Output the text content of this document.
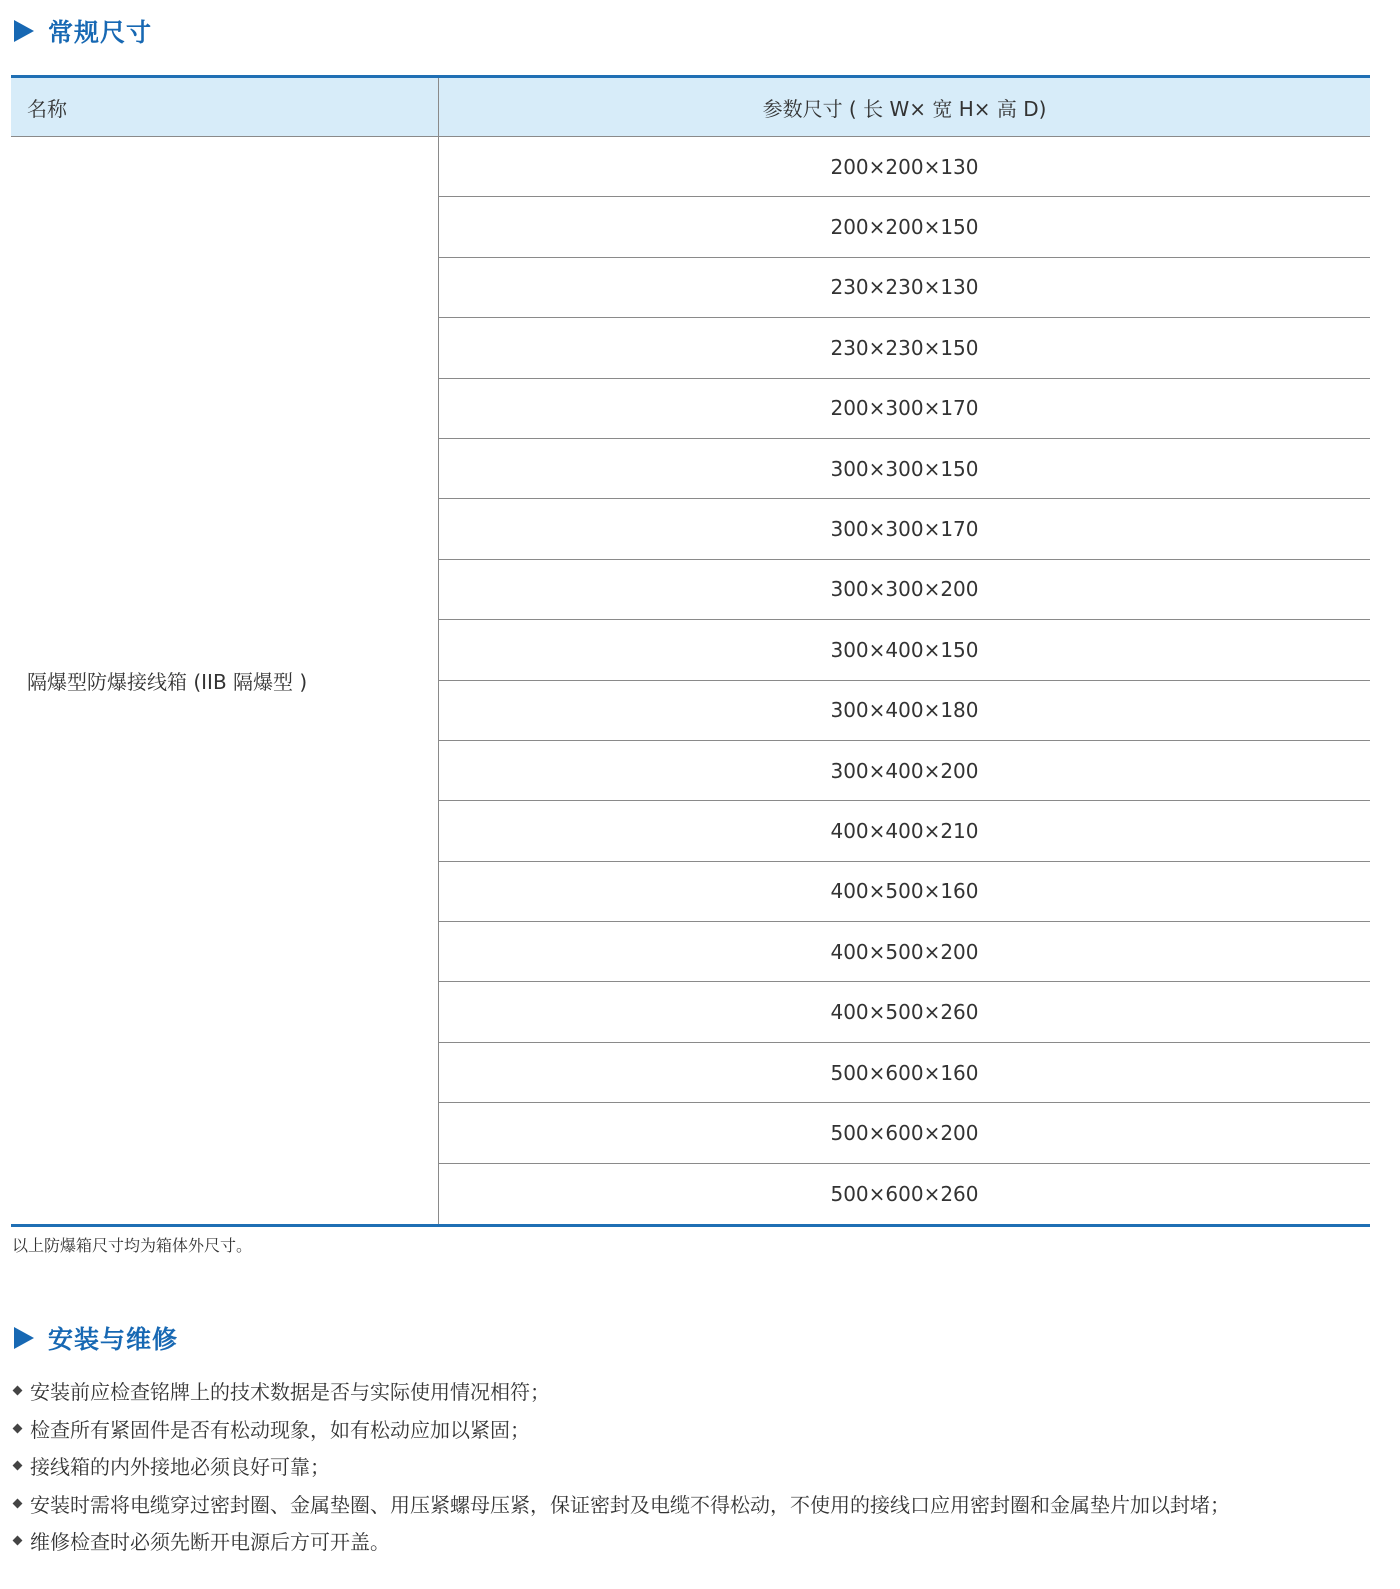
常规尺寸
名称	参数尺寸 ( 长 W× 宽 H× 高 D)
隔爆型防爆接线箱 (IIB 隔爆型 )
200×200×130
200×200×150
230×230×130
230×230×150
200×300×170
300×300×150
300×300×170
300×300×200
300×400×150
300×400×180
300×400×200
400×400×210
400×500×160
400×500×200
400×500×260
500×600×160
500×600×200
500×600×260
以上防爆箱尺寸均为箱体外尺寸。
安装与维修
安装前应检查铭牌上的技术数据是否与实际使用情况相符；
检查所有紧固件是否有松动现象，如有松动应加以紧固；
接线箱的内外接地必须良好可靠；
安装时需将电缆穿过密封圈、金属垫圈、用压紧螺母压紧，保证密封及电缆不得松动，不使用的接线口应用密封圈和金属垫片加以封堵；
维修检查时必须先断开电源后方可开盖。
